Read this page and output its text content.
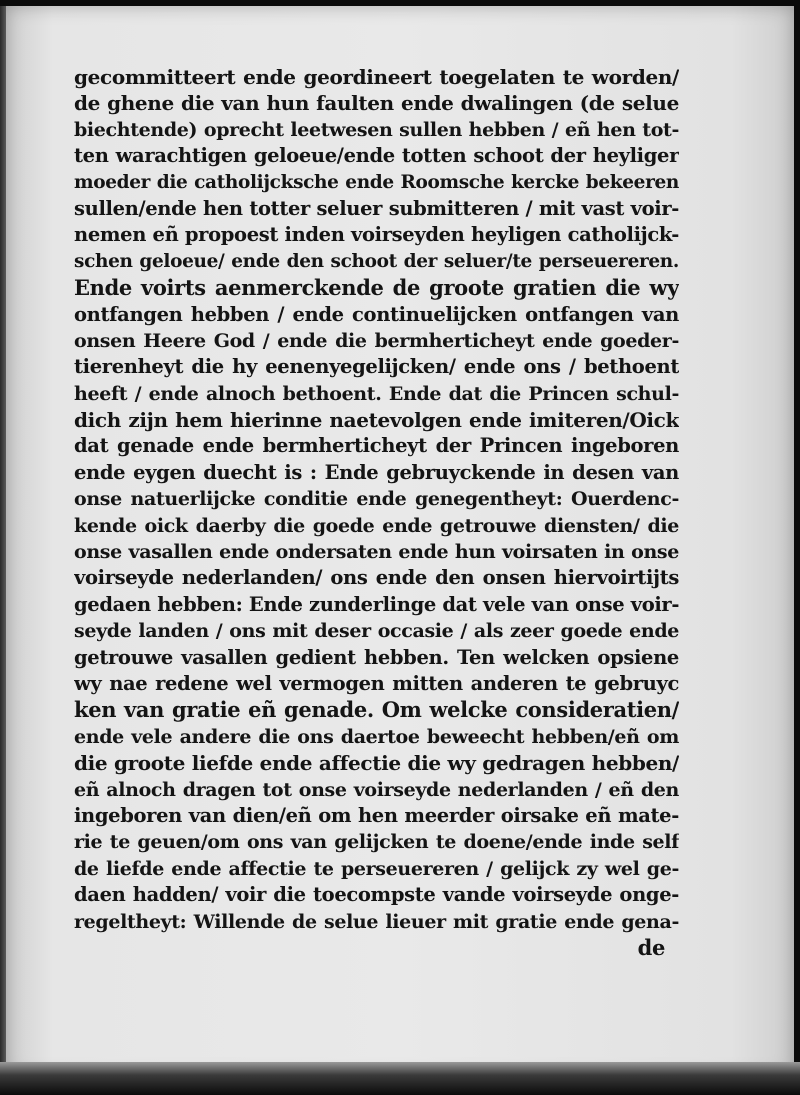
gecommitteert ende geordineert toegelaten te worden/
de ghene die van hun faulten ende dwalingen (de selue
biechtende) oprecht leetwesen sullen hebben / eñ hen tot-
ten warachtigen geloeue/ende totten schoot der heyliger
moeder die catholijcksche ende Roomsche kercke bekeeren
sullen/ende hen totter seluer submitteren / mit vast voir-
nemen eñ propoest inden voirseyden heyligen catholijck-
schen geloeue/ ende den schoot der seluer/te perseuereren.
Ende voirts aenmerckende de groote gratien die wy
ontfangen hebben / ende continuelijcken ontfangen van
onsen Heere God / ende die bermherticheyt ende goeder-
tierenheyt die hy eenenyegelijcken/ ende ons / bethoent
heeft / ende alnoch bethoent. Ende dat die Princen schul-
dich zijn hem hierinne naetevolgen ende imiteren/Oick
dat genade ende bermherticheyt der Princen ingeboren
ende eygen duecht is : Ende gebruyckende in desen van
onse natuerlijcke conditie ende genegentheyt: Ouerdenc-
kende oick daerby die goede ende getrouwe diensten/ die
onse vasallen ende ondersaten ende hun voirsaten in onse
voirseyde nederlanden/ ons ende den onsen hiervoirtijts
gedaen hebben: Ende zunderlinge dat vele van onse voir-
seyde landen / ons mit deser occasie / als zeer goede ende
getrouwe vasallen gedient hebben. Ten welcken opsiene
wy nae redene wel vermogen mitten anderen te gebruyc
ken van gratie eñ genade. Om welcke consideratien/
ende vele andere die ons daertoe beweecht hebben/eñ om
die groote liefde ende affectie die wy gedragen hebben/
eñ alnoch dragen tot onse voirseyde nederlanden / eñ den
ingeboren van dien/eñ om hen meerder oirsake eñ mate-
rie te geuen/om ons van gelijcken te doene/ende inde self
de liefde ende affectie te perseuereren / gelijck zy wel ge-
daen hadden/ voir die toecompste vande voirseyde onge-
regeltheyt: Willende de selue lieuer mit gratie ende gena-
de
